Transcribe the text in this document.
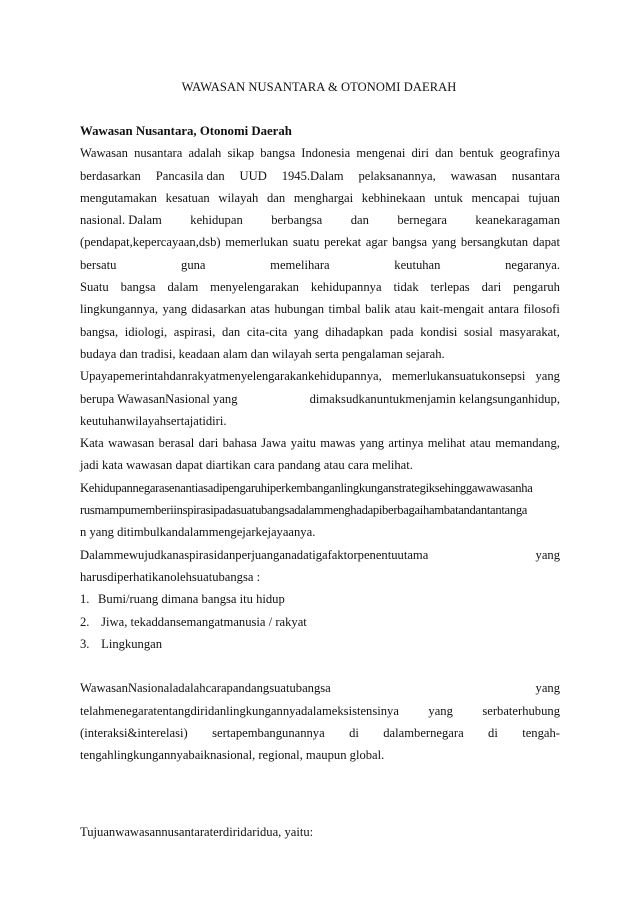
WAWASAN NUSANTARA & OTONOMI DAERAH
Wawasan Nusantara, Otonomi Daerah
Wawasan nusantara adalah sikap bangsa Indonesia mengenai diri dan bentuk geografinya
berdasarkan Pancasila dan UUD 1945.Dalam pelaksanannya, wawasan nusantara
mengutamakan kesatuan wilayah dan menghargai kebhinekaan untuk mencapai tujuan
nasional. Dalam kehidupan berbangsa dan bernegara keanekaragaman
(pendapat,kepercayaan,dsb) memerlukan suatu perekat agar bangsa yang bersangkutan dapat
bersatu	guna	memelihara	keutuhan	negaranya.
Suatu bangsa dalam menyelengarakan kehidupannya tidak terlepas dari pengaruh
lingkungannya, yang didasarkan atas hubungan timbal balik atau kait-mengait antara filosofi
bangsa, idiologi, aspirasi, dan cita-cita yang dihadapkan pada kondisi sosial masyarakat,
budaya dan tradisi, keadaan alam dan wilayah serta pengalaman sejarah.
Upayapemerintahdanrakyatmenyelengarakankehidupannya, memerlukansuatukonsepsi yang
berupa WawasanNasional yang	dimaksudkanuntukmenjamin kelangsunganhidup,
keutuhanwilayahsertajatidiri.
Kata wawasan berasal dari bahasa Jawa yaitu mawas yang artinya melihat atau memandang,
jadi kata wawasan dapat diartikan cara pandang atau cara melihat.
Kehidupannegarasenantiasadipengaruhiperkembanganlingkunganstrategiksehinggawawasanha
rusmampumemberiinspirasipadasuatubangsadalammenghadapiberbagaihambatandantantanga
n yang ditimbulkandalammengejarkejayaanya.
Dalammewujudkanaspirasidanperjuanganadatigafaktorpenentuutama	yang
harusdiperhatikanolehsuatubangsa :
1. Bumi/ruang dimana bangsa itu hidup
2. Jiwa, tekaddansemangatmanusia / rakyat
3. Lingkungan
WawasanNasionaladalahcarapandangsuatubangsa	yang
telahmenegaratentangdiridanlingkungannyadalameksistensinya yang serbaterhubung
(interaksi&interelasi) sertapembangunannya di dalambernegara di tengah-
tengahlingkungannyabaiknasional, regional, maupun global.
Tujuanwawasannusantaraterdiridaridua, yaitu:
